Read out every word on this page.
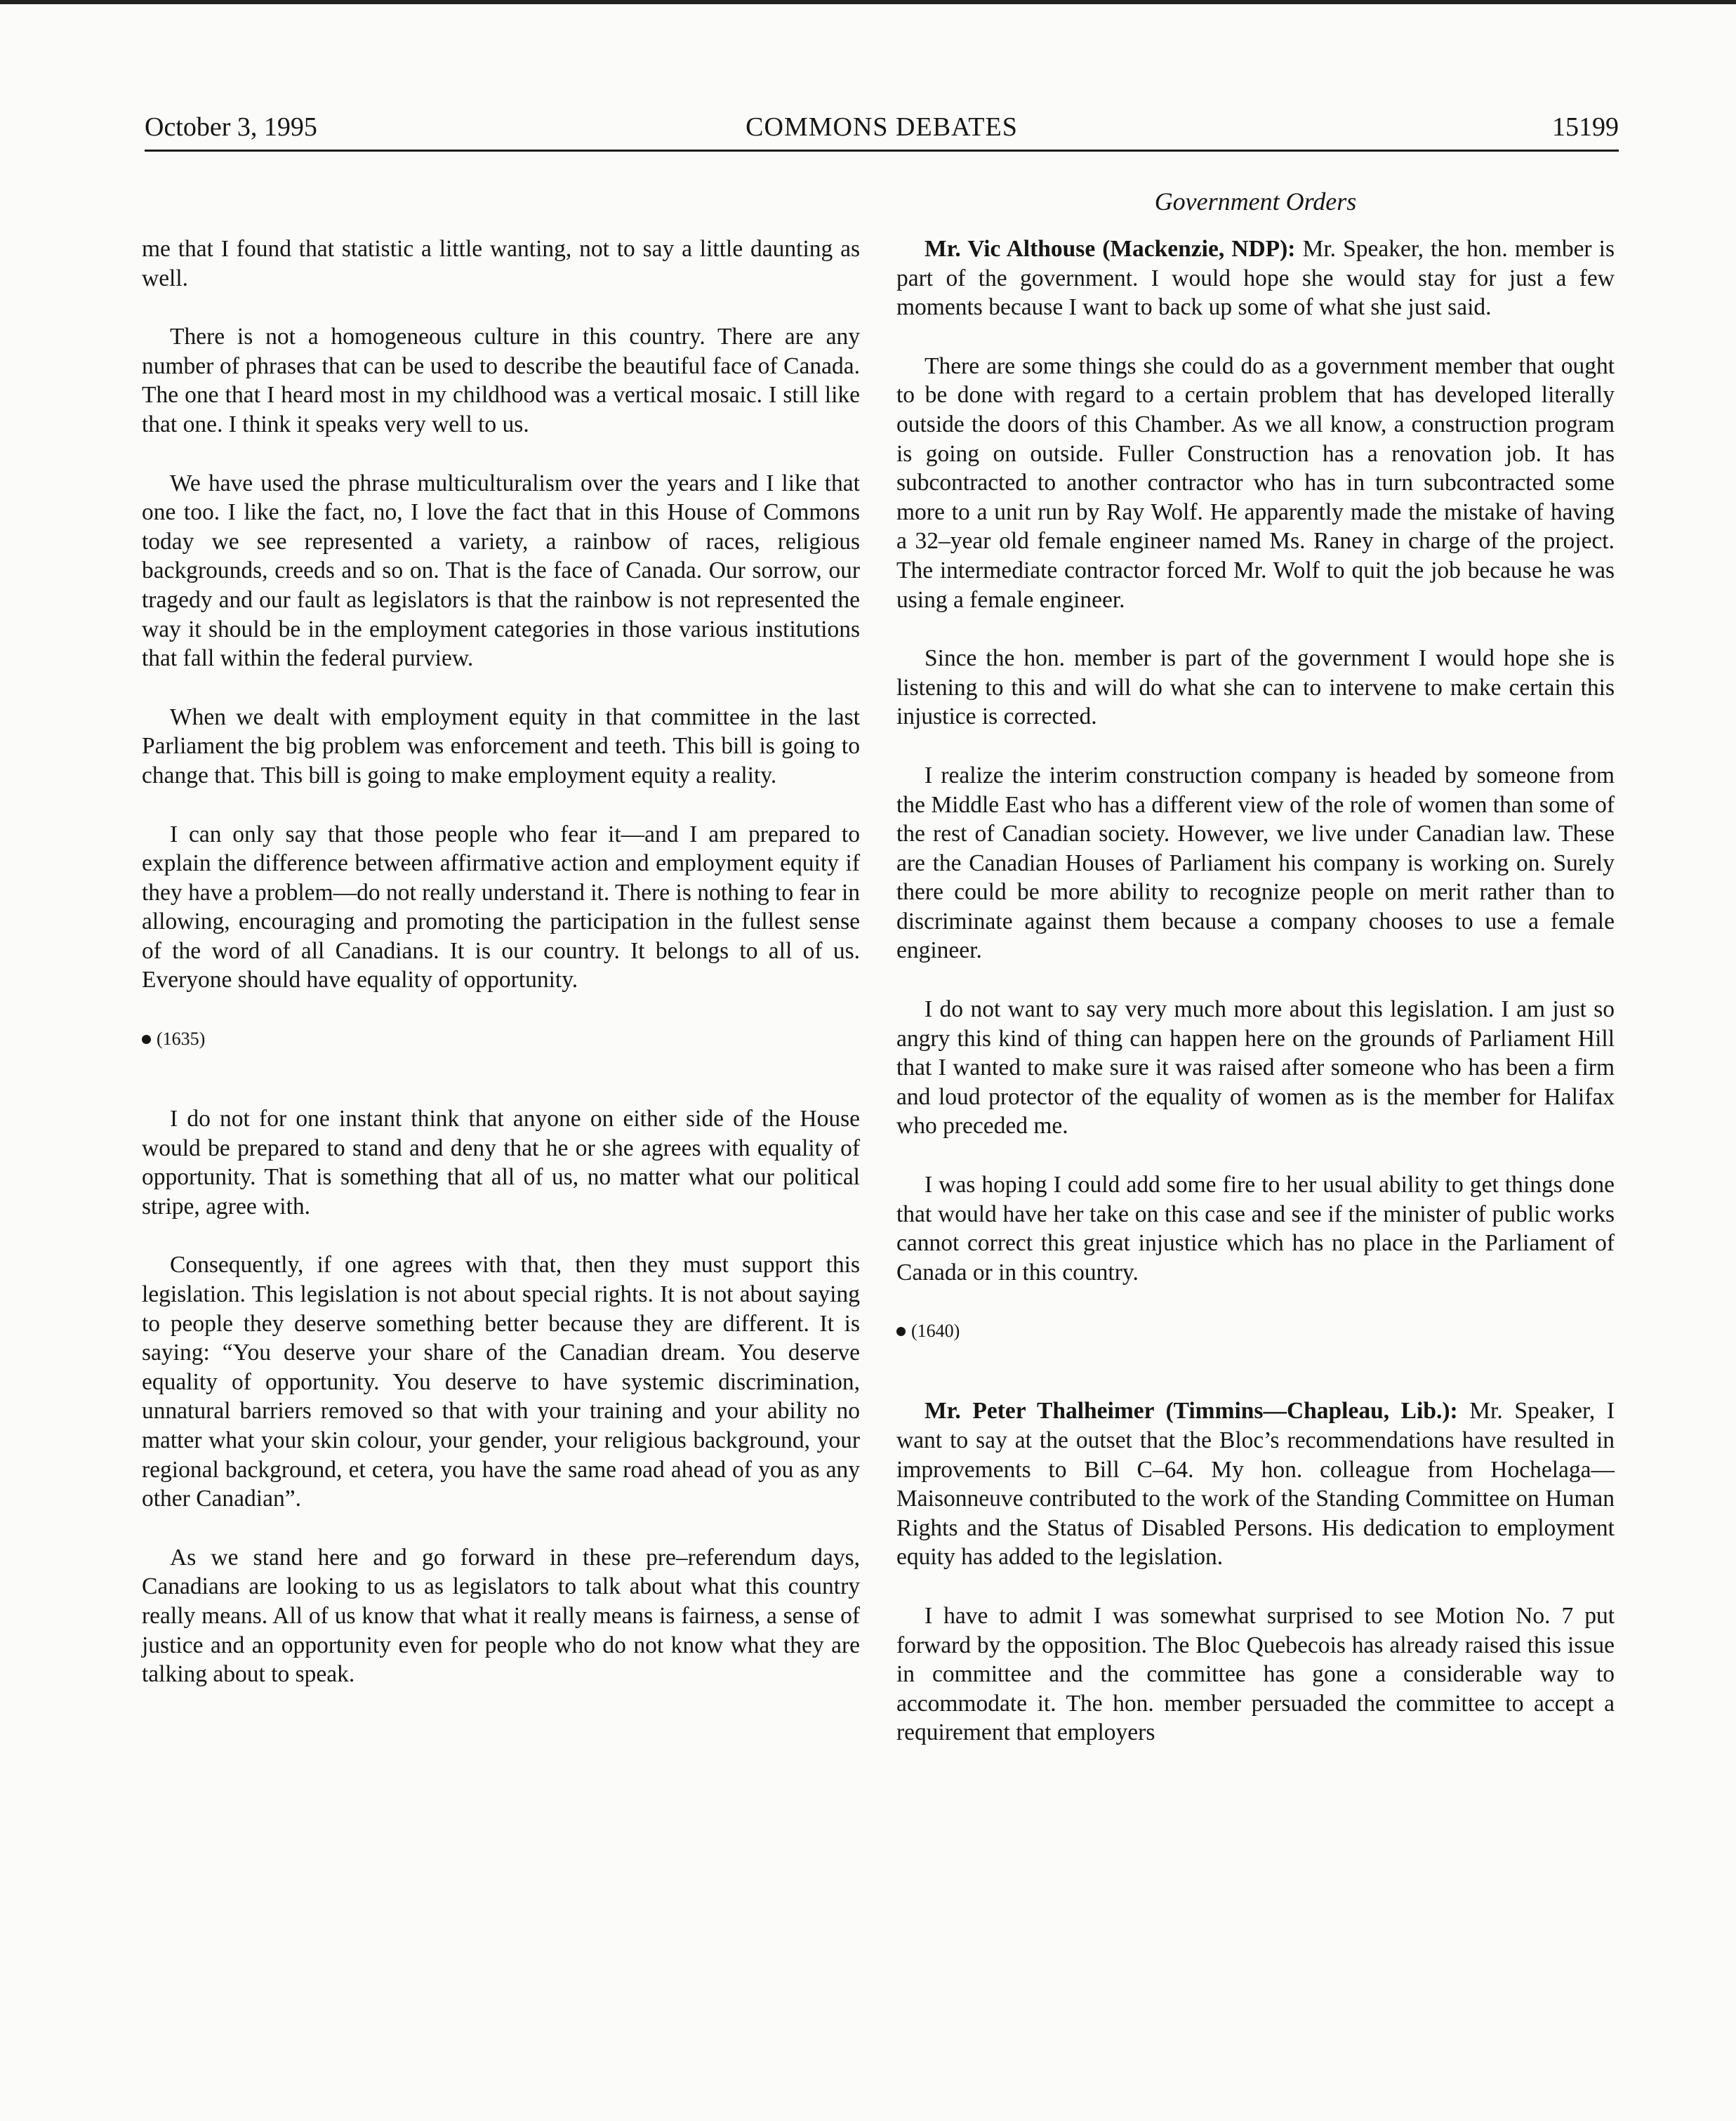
October 3, 1995	COMMONS DEBATES	15199
Government Orders

me that I found that statistic a little wanting, not to say a little daunting as well.

There is not a homogeneous culture in this country. There are any number of phrases that can be used to describe the beautiful face of Canada. The one that I heard most in my childhood was a vertical mosaic. I still like that one. I think it speaks very well to us.

We have used the phrase multiculturalism over the years and I like that one too. I like the fact, no, I love the fact that in this House of Commons today we see represented a variety, a rainbow of races, religious backgrounds, creeds and so on. That is the face of Canada. Our sorrow, our tragedy and our fault as legislators is that the rainbow is not represented the way it should be in the employment categories in those various institutions that fall within the federal purview.

When we dealt with employment equity in that committee in the last Parliament the big problem was enforcement and teeth. This bill is going to change that. This bill is going to make employment equity a reality.

I can only say that those people who fear it—and I am prepared to explain the difference between affirmative action and employment equity if they have a problem—do not really understand it. There is nothing to fear in allowing, encouraging and promoting the participation in the fullest sense of the word of all Canadians. It is our country. It belongs to all of us. Everyone should have equality of opportunity.

(1635)

I do not for one instant think that anyone on either side of the House would be prepared to stand and deny that he or she agrees with equality of opportunity. That is something that all of us, no matter what our political stripe, agree with.

Consequently, if one agrees with that, then they must support this legislation. This legislation is not about special rights. It is not about saying to people they deserve something better because they are different. It is saying: “You deserve your share of the Canadian dream. You deserve equality of opportunity. You deserve to have systemic discrimination, unnatural barriers removed so that with your training and your ability no matter what your skin colour, your gender, your religious background, your regional background, et cetera, you have the same road ahead of you as any other Canadian”.

As we stand here and go forward in these pre–referendum days, Canadians are looking to us as legislators to talk about what this country really means. All of us know that what it really means is fairness, a sense of justice and an opportunity even for people who do not know what they are talking about to speak.

Mr. Vic Althouse (Mackenzie, NDP): Mr. Speaker, the hon. member is part of the government. I would hope she would stay for just a few moments because I want to back up some of what she just said.

There are some things she could do as a government member that ought to be done with regard to a certain problem that has developed literally outside the doors of this Chamber. As we all know, a construction program is going on outside. Fuller Construction has a renovation job. It has subcontracted to another contractor who has in turn subcontracted some more to a unit run by Ray Wolf. He apparently made the mistake of having a 32–year old female engineer named Ms. Raney in charge of the project. The intermediate contractor forced Mr. Wolf to quit the job because he was using a female engineer.

Since the hon. member is part of the government I would hope she is listening to this and will do what she can to intervene to make certain this injustice is corrected.

I realize the interim construction company is headed by someone from the Middle East who has a different view of the role of women than some of the rest of Canadian society. However, we live under Canadian law. These are the Canadian Houses of Parliament his company is working on. Surely there could be more ability to recognize people on merit rather than to discriminate against them because a company chooses to use a female engineer.

I do not want to say very much more about this legislation. I am just so angry this kind of thing can happen here on the grounds of Parliament Hill that I wanted to make sure it was raised after someone who has been a firm and loud protector of the equality of women as is the member for Halifax who preceded me.

I was hoping I could add some fire to her usual ability to get things done that would have her take on this case and see if the minister of public works cannot correct this great injustice which has no place in the Parliament of Canada or in this country.

(1640)

Mr. Peter Thalheimer (Timmins—Chapleau, Lib.): Mr. Speaker, I want to say at the outset that the Bloc’s recommendations have resulted in improvements to Bill C–64. My hon. colleague from Hochelaga—Maisonneuve contributed to the work of the Standing Committee on Human Rights and the Status of Disabled Persons. His dedication to employment equity has added to the legislation.

I have to admit I was somewhat surprised to see Motion No. 7 put forward by the opposition. The Bloc Quebecois has already raised this issue in committee and the committee has gone a considerable way to accommodate it. The hon. member persuaded the committee to accept a requirement that employers
